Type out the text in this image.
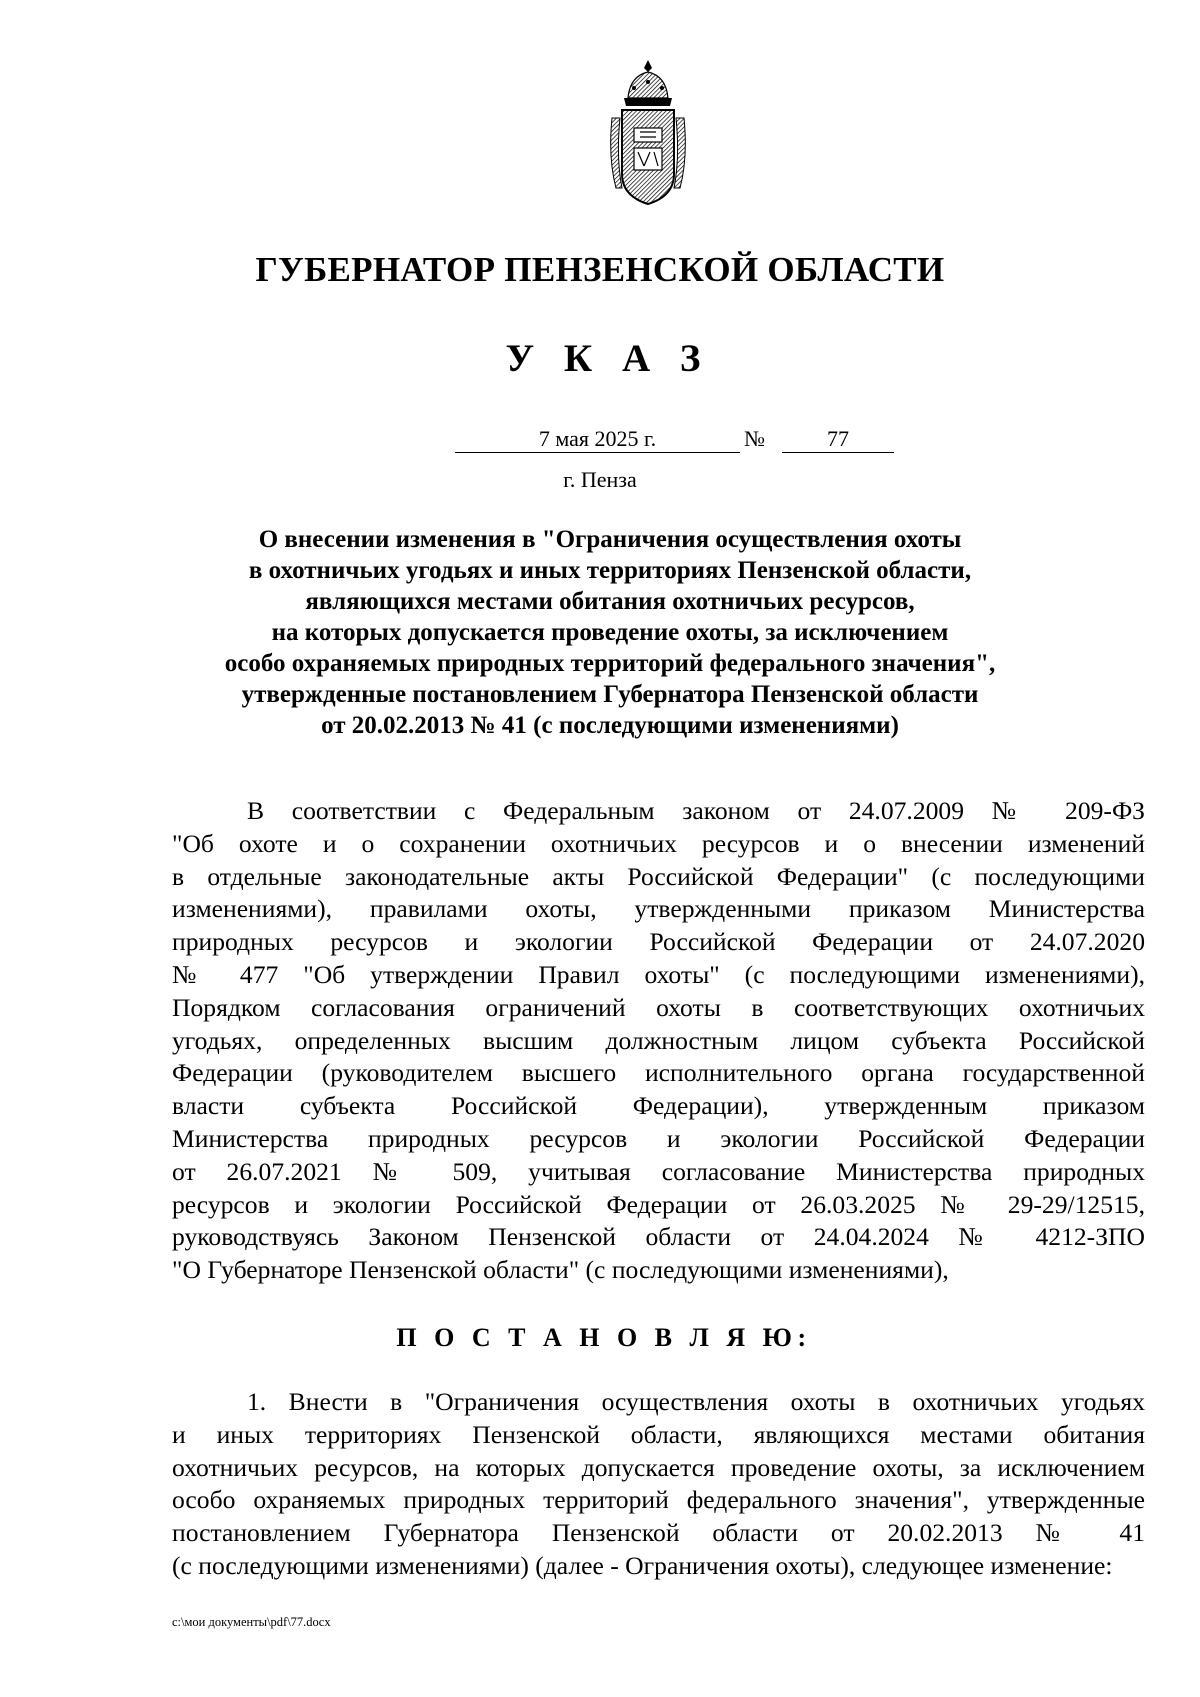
ГУБЕРНАТОР ПЕНЗЕНСКОЙ ОБЛАСТИ
У К А З
7 мая 2025 г.	№	77
г. Пенза
О внесении изменения в "Ограничения осуществления охоты
в охотничьих угодьях и иных территориях Пензенской области,
являющихся местами обитания охотничьих ресурсов,
на которых допускается проведение охоты, за исключением
особо охраняемых природных территорий федерального значения",
утвержденные постановлением Губернатора Пензенской области
от 20.02.2013 № 41 (с последующими изменениями)
В соответствии с Федеральным законом от 24.07.2009 № 209-ФЗ
"Об охоте и о сохранении охотничьих ресурсов и о внесении изменений
в отдельные законодательные акты Российской Федерации" (с последующими
изменениями), правилами охоты, утвержденными приказом Министерства
природных ресурсов и экологии Российской Федерации от 24.07.2020
№ 477 "Об утверждении Правил охоты" (с последующими изменениями),
Порядком согласования ограничений охоты в соответствующих охотничьих
угодьях, определенных высшим должностным лицом субъекта Российской
Федерации (руководителем высшего исполнительного органа государственной
власти субъекта Российской Федерации), утвержденным приказом
Министерства природных ресурсов и экологии Российской Федерации
от 26.07.2021 № 509, учитывая согласование Министерства природных
ресурсов и экологии Российской Федерации от 26.03.2025 № 29-29/12515,
руководствуясь Законом Пензенской области от 24.04.2024 № 4212-ЗПО
"О Губернаторе Пензенской области" (с последующими изменениями),
П О С Т А Н О В Л Я Ю:
1. Внести в "Ограничения осуществления охоты в охотничьих угодьях
и иных территориях Пензенской области, являющихся местами обитания
охотничьих ресурсов, на которых допускается проведение охоты, за исключением
особо охраняемых природных территорий федерального значения", утвержденные
постановлением Губернатора Пензенской области от 20.02.2013 № 41
(с последующими изменениями) (далее - Ограничения охоты), следующее изменение:
c:\мои документы\pdf\77.docx
